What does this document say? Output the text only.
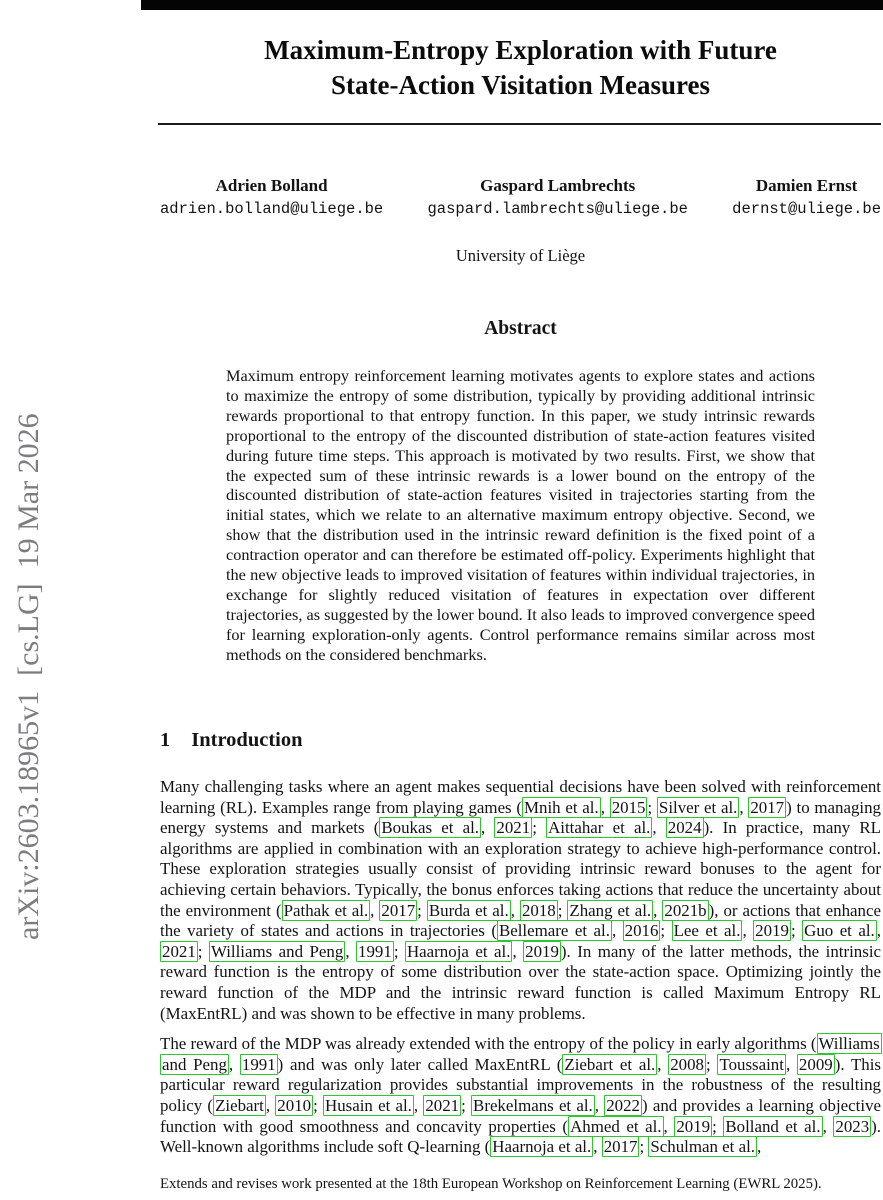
arXiv:2603.18965v1  [cs.LG]  19 Mar 2026
Maximum-Entropy Exploration with Future
State-Action Visitation Measures
Adrien Bolland
adrien.bolland@uliege.be
Gaspard Lambrechts
gaspard.lambrechts@uliege.be
Damien Ernst
dernst@uliege.be
University of Liège
Abstract
Maximum entropy reinforcement learning motivates agents to explore states and actions to maximize the entropy of some distribution, typically by providing additional intrinsic rewards proportional to that entropy function. In this paper, we study intrinsic rewards proportional to the entropy of the discounted distribution of state-action features visited during future time steps. This approach is motivated by two results. First, we show that the expected sum of these intrinsic rewards is a lower bound on the entropy of the discounted distribution of state-action features visited in trajectories starting from the initial states, which we relate to an alternative maximum entropy objective. Second, we show that the distribution used in the intrinsic reward definition is the fixed point of a contraction operator and can therefore be estimated off-policy. Experiments highlight that the new objective leads to improved visitation of features within individual trajectories, in exchange for slightly reduced visitation of features in expectation over different trajectories, as suggested by the lower bound. It also leads to improved convergence speed for learning exploration-only agents. Control performance remains similar across most methods on the considered benchmarks.
1 Introduction

Many challenging tasks where an agent makes sequential decisions have been solved with reinforcement learning (RL). Examples range from playing games ( Mnih et al. , 2015 ; Silver et al. , 2017 ) to managing energy systems and markets ( Boukas et al. , 2021 ; Aittahar et al. , 2024 ). In practice, many RL algorithms are applied in combination with an exploration strategy to achieve high-performance control. These exploration strategies usually consist of providing intrinsic reward bonuses to the agent for achieving certain behaviors. Typically, the bonus enforces taking actions that reduce the uncertainty about the environment ( Pathak et al. , 2017 ; Burda et al. , 2018 ; Zhang et al. , 2021b ), or actions that enhance the variety of states and actions in trajectories ( Bellemare et al. , 2016 ; Lee et al. , 2019 ; Guo et al. , 2021 ; Williams and Peng , 1991 ; Haarnoja et al. , 2019 ). In many of the latter methods, the intrinsic reward function is the entropy of some distribution over the state-action space. Optimizing jointly the reward function of the MDP and the intrinsic reward function is called Maximum Entropy RL (MaxEntRL) and was shown to be effective in many problems.

The reward of the MDP was already extended with the entropy of the policy in early algorithms ( Williams and Peng , 1991 ) and was only later called MaxEntRL ( Ziebart et al. , 2008 ; Toussaint , 2009 ). This particular reward regularization provides substantial improvements in the robustness of the resulting policy ( Ziebart , 2010 ; Husain et al. , 2021 ; Brekelmans et al. , 2022 ) and provides a learning objective function with good smoothness and concavity properties ( Ahmed et al. , 2019 ; Bolland et al. , 2023 ). Well-known algorithms include soft Q-learning ( Haarnoja et al. , 2017 ; Schulman et al. ,

Extends and revises work presented at the 18th European Workshop on Reinforcement Learning (EWRL 2025).
